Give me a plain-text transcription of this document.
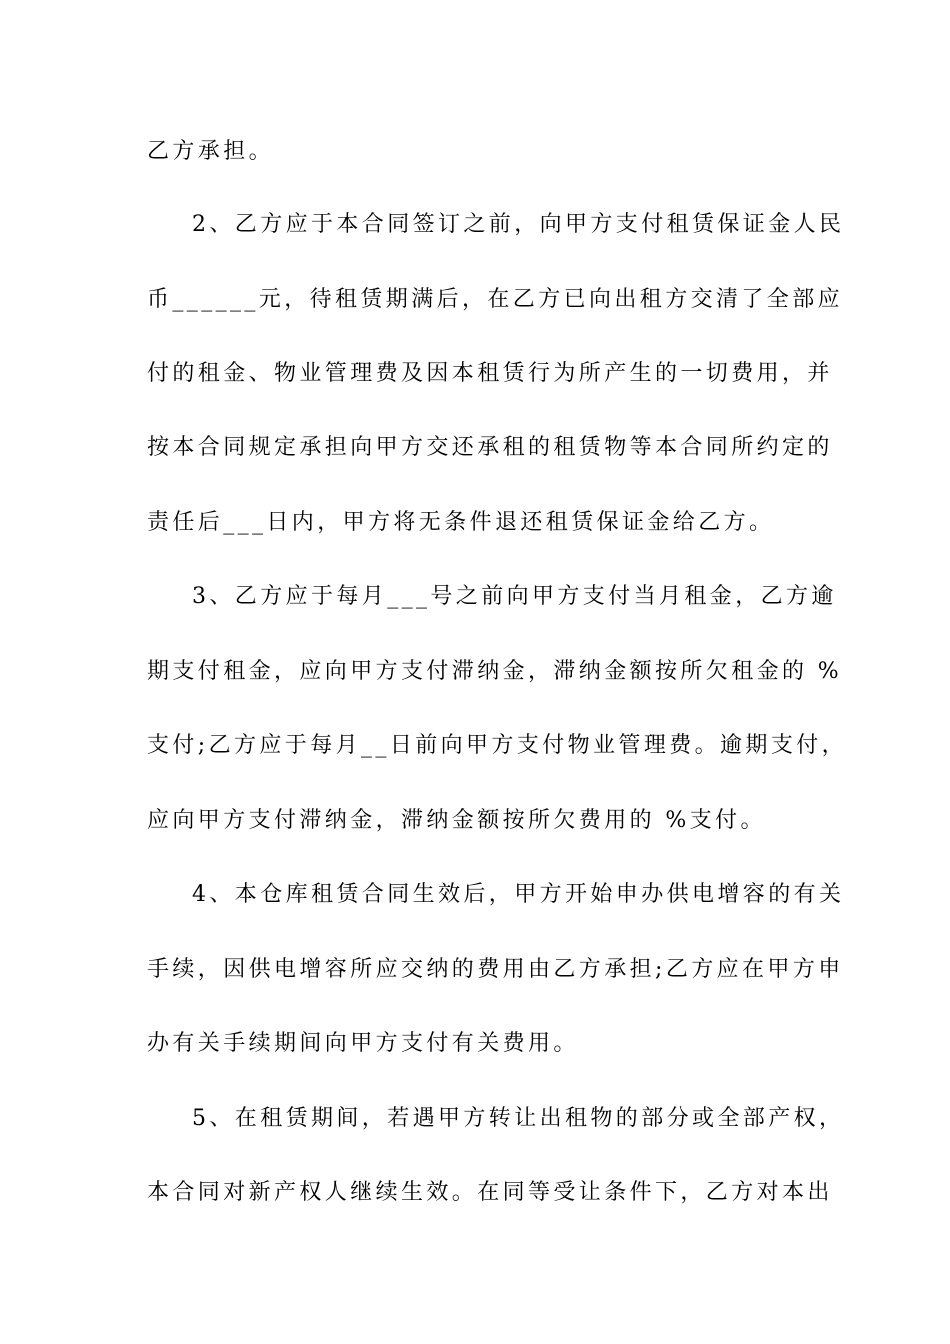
乙方承担。
2、乙方应于本合同签订之前，向甲方支付租赁保证金人民
币______元，待租赁期满后，在乙方已向出租方交清了全部应
付的租金、物业管理费及因本租赁行为所产生的一切费用，并
按本合同规定承担向甲方交还承租的租赁物等本合同所约定的
责任后___日内，甲方将无条件退还租赁保证金给乙方。
3、乙方应于每月___号之前向甲方支付当月租金，乙方逾
期支付租金，应向甲方支付滞纳金，滞纳金额按所欠租金的 %
支付;乙方应于每月__日前向甲方支付物业管理费。逾期支付，
应向甲方支付滞纳金，滞纳金额按所欠费用的 %支付。
4、本仓库租赁合同生效后，甲方开始申办供电增容的有关
手续，因供电增容所应交纳的费用由乙方承担;乙方应在甲方申
办有关手续期间向甲方支付有关费用。
5、在租赁期间，若遇甲方转让出租物的部分或全部产权，
本合同对新产权人继续生效。在同等受让条件下，乙方对本出
